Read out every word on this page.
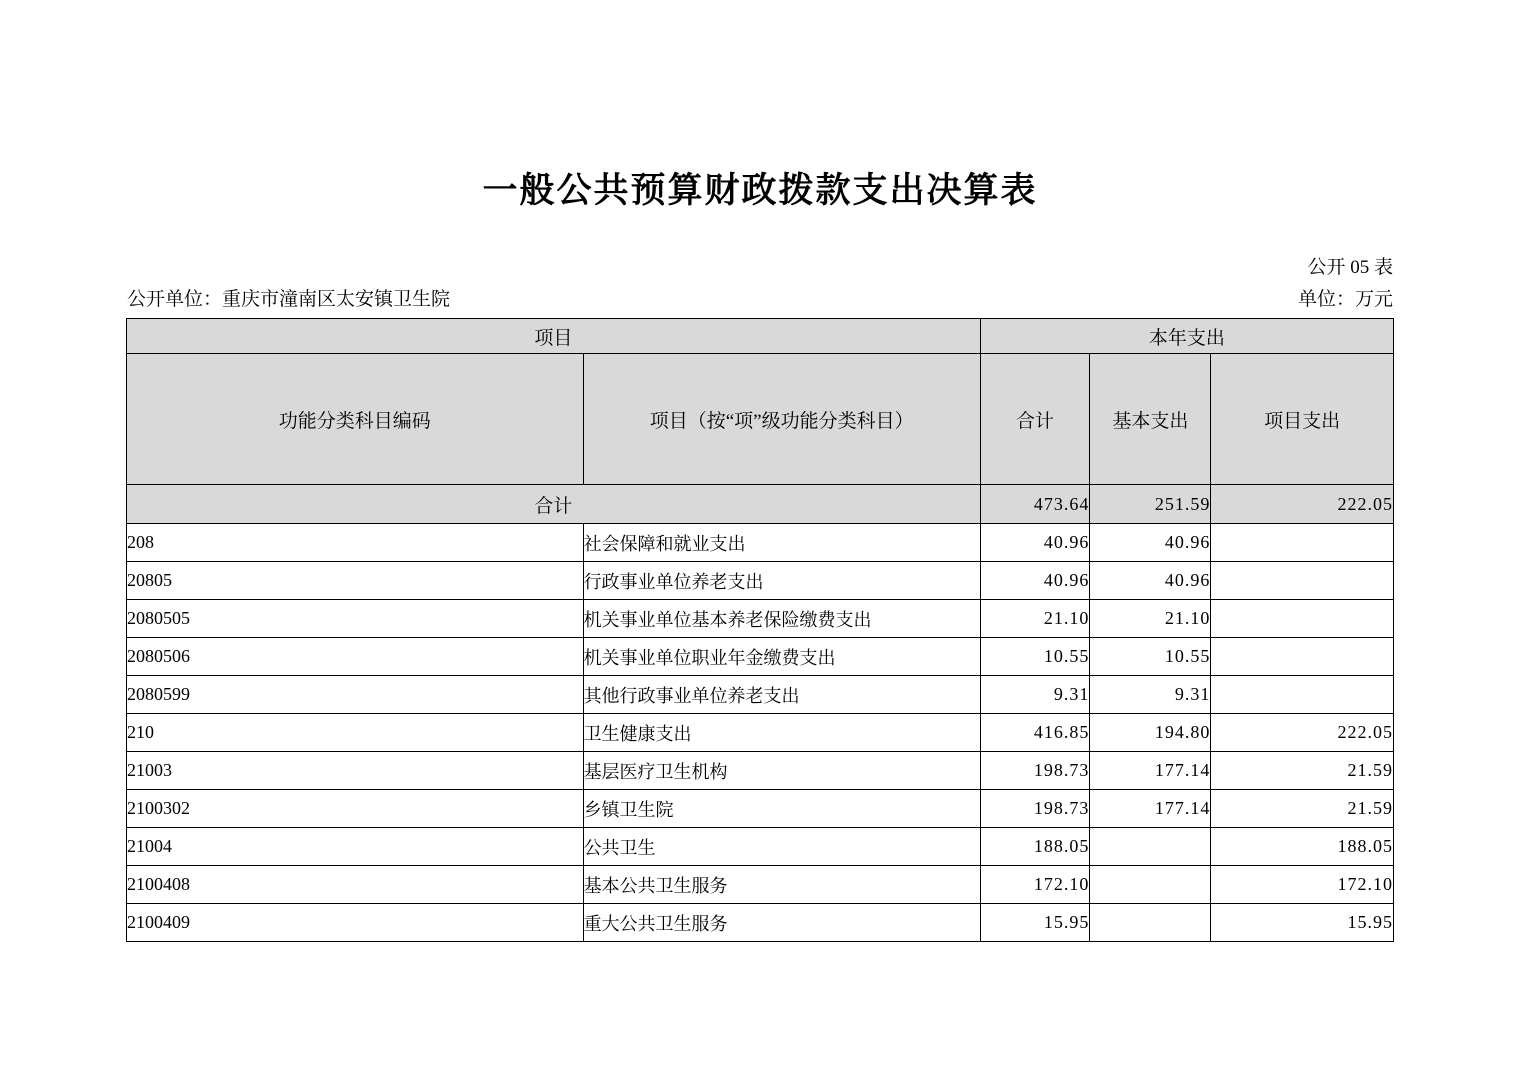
一般公共预算财政拨款支出决算表
公开 05 表
公开单位：重庆市潼南区太安镇卫生院	单位：万元
项目		本年支出		
功能分类科目编码	项目（按“项”级功能分类科目）	合计	基本支出	项目支出
合计		473.64	251.59	222.05
208	社会保障和就业支出	40.96	40.96	
20805	行政事业单位养老支出	40.96	40.96	
2080505	机关事业单位基本养老保险缴费支出	21.10	21.10	
2080506	机关事业单位职业年金缴费支出	10.55	10.55	
2080599	其他行政事业单位养老支出	9.31	9.31	
210	卫生健康支出	416.85	194.80	222.05
21003	基层医疗卫生机构	198.73	177.14	21.59
2100302	乡镇卫生院	198.73	177.14	21.59
21004	公共卫生	188.05		188.05
2100408	基本公共卫生服务	172.10		172.10
2100409	重大公共卫生服务	15.95		15.95
